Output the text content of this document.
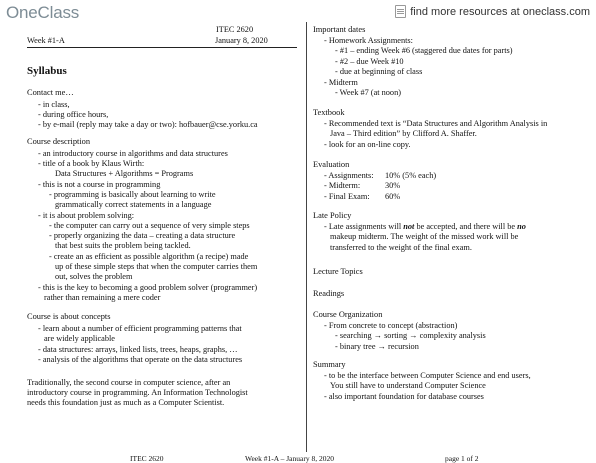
OneClass	find more resources at oneclass.com
ITEC 2620
Week #1-A	January 8, 2020
Syllabus
Contact me…
- in class,
- during office hours,
- by e-mail (reply may take a day or two): hofbauer@cse.yorku.ca
Course description
- an introductory course in algorithms and data structures
- title of a book by Klaus Wirth:
Data Structures + Algorithms = Programs
- this is not a course in programming
- programming is basically about learning to write
grammatically correct statements in a language
- it is about problem solving:
- the computer can carry out a sequence of very simple steps
- properly organizing the data – creating a data structure
that best suits the problem being tackled.
- create an as efficient as possible algorithm (a recipe) made
up of these simple steps that when the computer carries them
out, solves the problem
- this is the key to becoming a good problem solver (programmer)
rather than remaining a mere coder
Course is about concepts
- learn about a number of efficient programming patterns that
are widely applicable
- data structures: arrays, linked lists, trees, heaps, graphs, …
- analysis of the algorithms that operate on the data structures
Traditionally, the second course in computer science, after an
introductory course in programming. An Information Technologist
needs this foundation just as much as a Computer Scientist.
Important dates
- Homework Assignments:
- #1 – ending Week #6 (staggered due dates for parts)
- #2 – due Week #10
- due at beginning of class
- Midterm
- Week #7 (at noon)
Textbook
- Recommended text is “Data Structures and Algorithm Analysis in
Java – Third edition” by Clifford A. Shaffer.
- look for an on-line copy.
Evaluation
- Assignments: 10% (5% each)
- Midterm:	30%
- Final Exam: 60%
Late Policy
- Late assignments will not be accepted, and there will be no
makeup midterm. The weight of the missed work will be
transferred to the weight of the final exam.
Lecture Topics
Readings
Course Organization
- From concrete to concept (abstraction)
- searching → sorting → complexity analysis
- binary tree → recursion
Summary
- to be the interface between Computer Science and end users,
You still have to understand Computer Science
- also important foundation for database courses
ITEC 2620	Week #1-A – January 8, 2020	page 1 of 2
